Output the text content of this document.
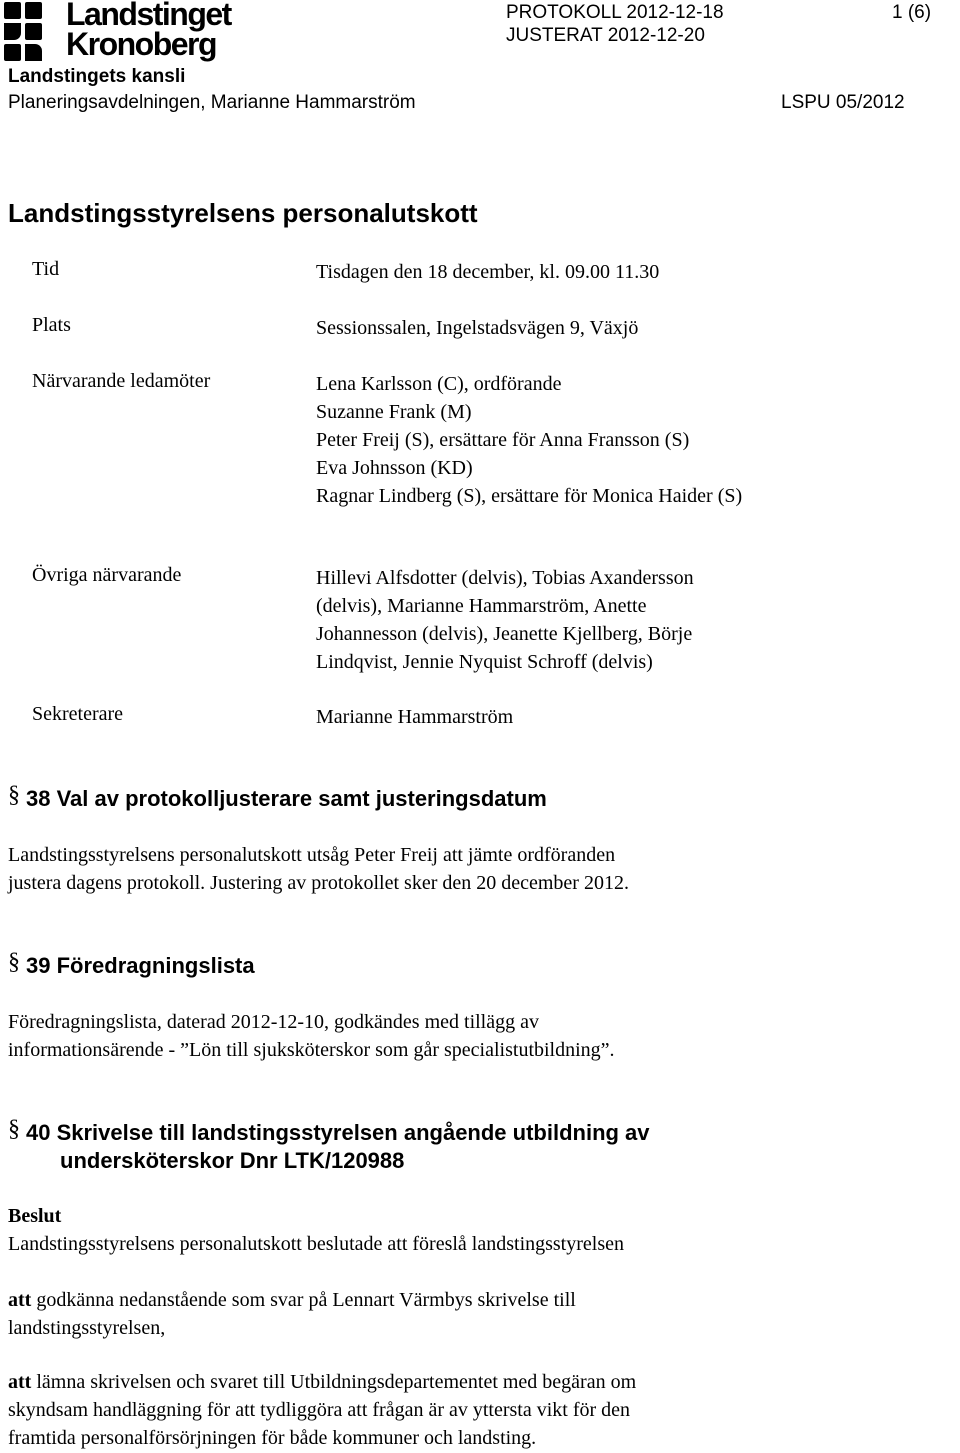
Landstinget
Kronoberg
PROTOKOLL 2012-12-18
JUSTERAT 2012-12-20
1 (6)
Landstingets kansli
Planeringsavdelningen, Marianne Hammarström	LSPU 05/2012
Landstingsstyrelsens personalutskott
Tid	Tisdagen den 18 december, kl. 09.00 11.30
Plats	Sessionssalen, Ingelstadsvägen 9, Växjö
Närvarande ledamöter	Lena Karlsson (C), ordförande
Suzanne Frank (M)
Peter Freij (S), ersättare för Anna Fransson (S)
Eva Johnsson (KD)
Ragnar Lindberg (S), ersättare för Monica Haider (S)
Övriga närvarande	Hillevi Alfsdotter (delvis), Tobias Axandersson
(delvis), Marianne Hammarström, Anette
Johannesson (delvis), Jeanette Kjellberg, Börje
Lindqvist, Jennie Nyquist Schroff (delvis)
Sekreterare	Marianne Hammarström
§ 38 Val av protokolljusterare samt justeringsdatum
Landstingsstyrelsens personalutskott utsåg Peter Freij att jämte ordföranden
justera dagens protokoll. Justering av protokollet sker den 20 december 2012.
§ 39 Föredragningslista
Föredragningslista, daterad 2012-12-10, godkändes med tillägg av
informationsärende - ”Lön till sjuksköterskor som går specialistutbildning”.
§ 40 Skrivelse till landstingsstyrelsen angående utbildning av
undersköterskor Dnr LTK/120988
Beslut
Landstingsstyrelsens personalutskott beslutade att föreslå landstingsstyrelsen
att godkänna nedanstående som svar på Lennart Värmbys skrivelse till
landstingsstyrelsen,
att lämna skrivelsen och svaret till Utbildningsdepartementet med begäran om
skyndsam handläggning för att tydliggöra att frågan är av yttersta vikt för den
framtida personalförsörjningen för både kommuner och landsting.
